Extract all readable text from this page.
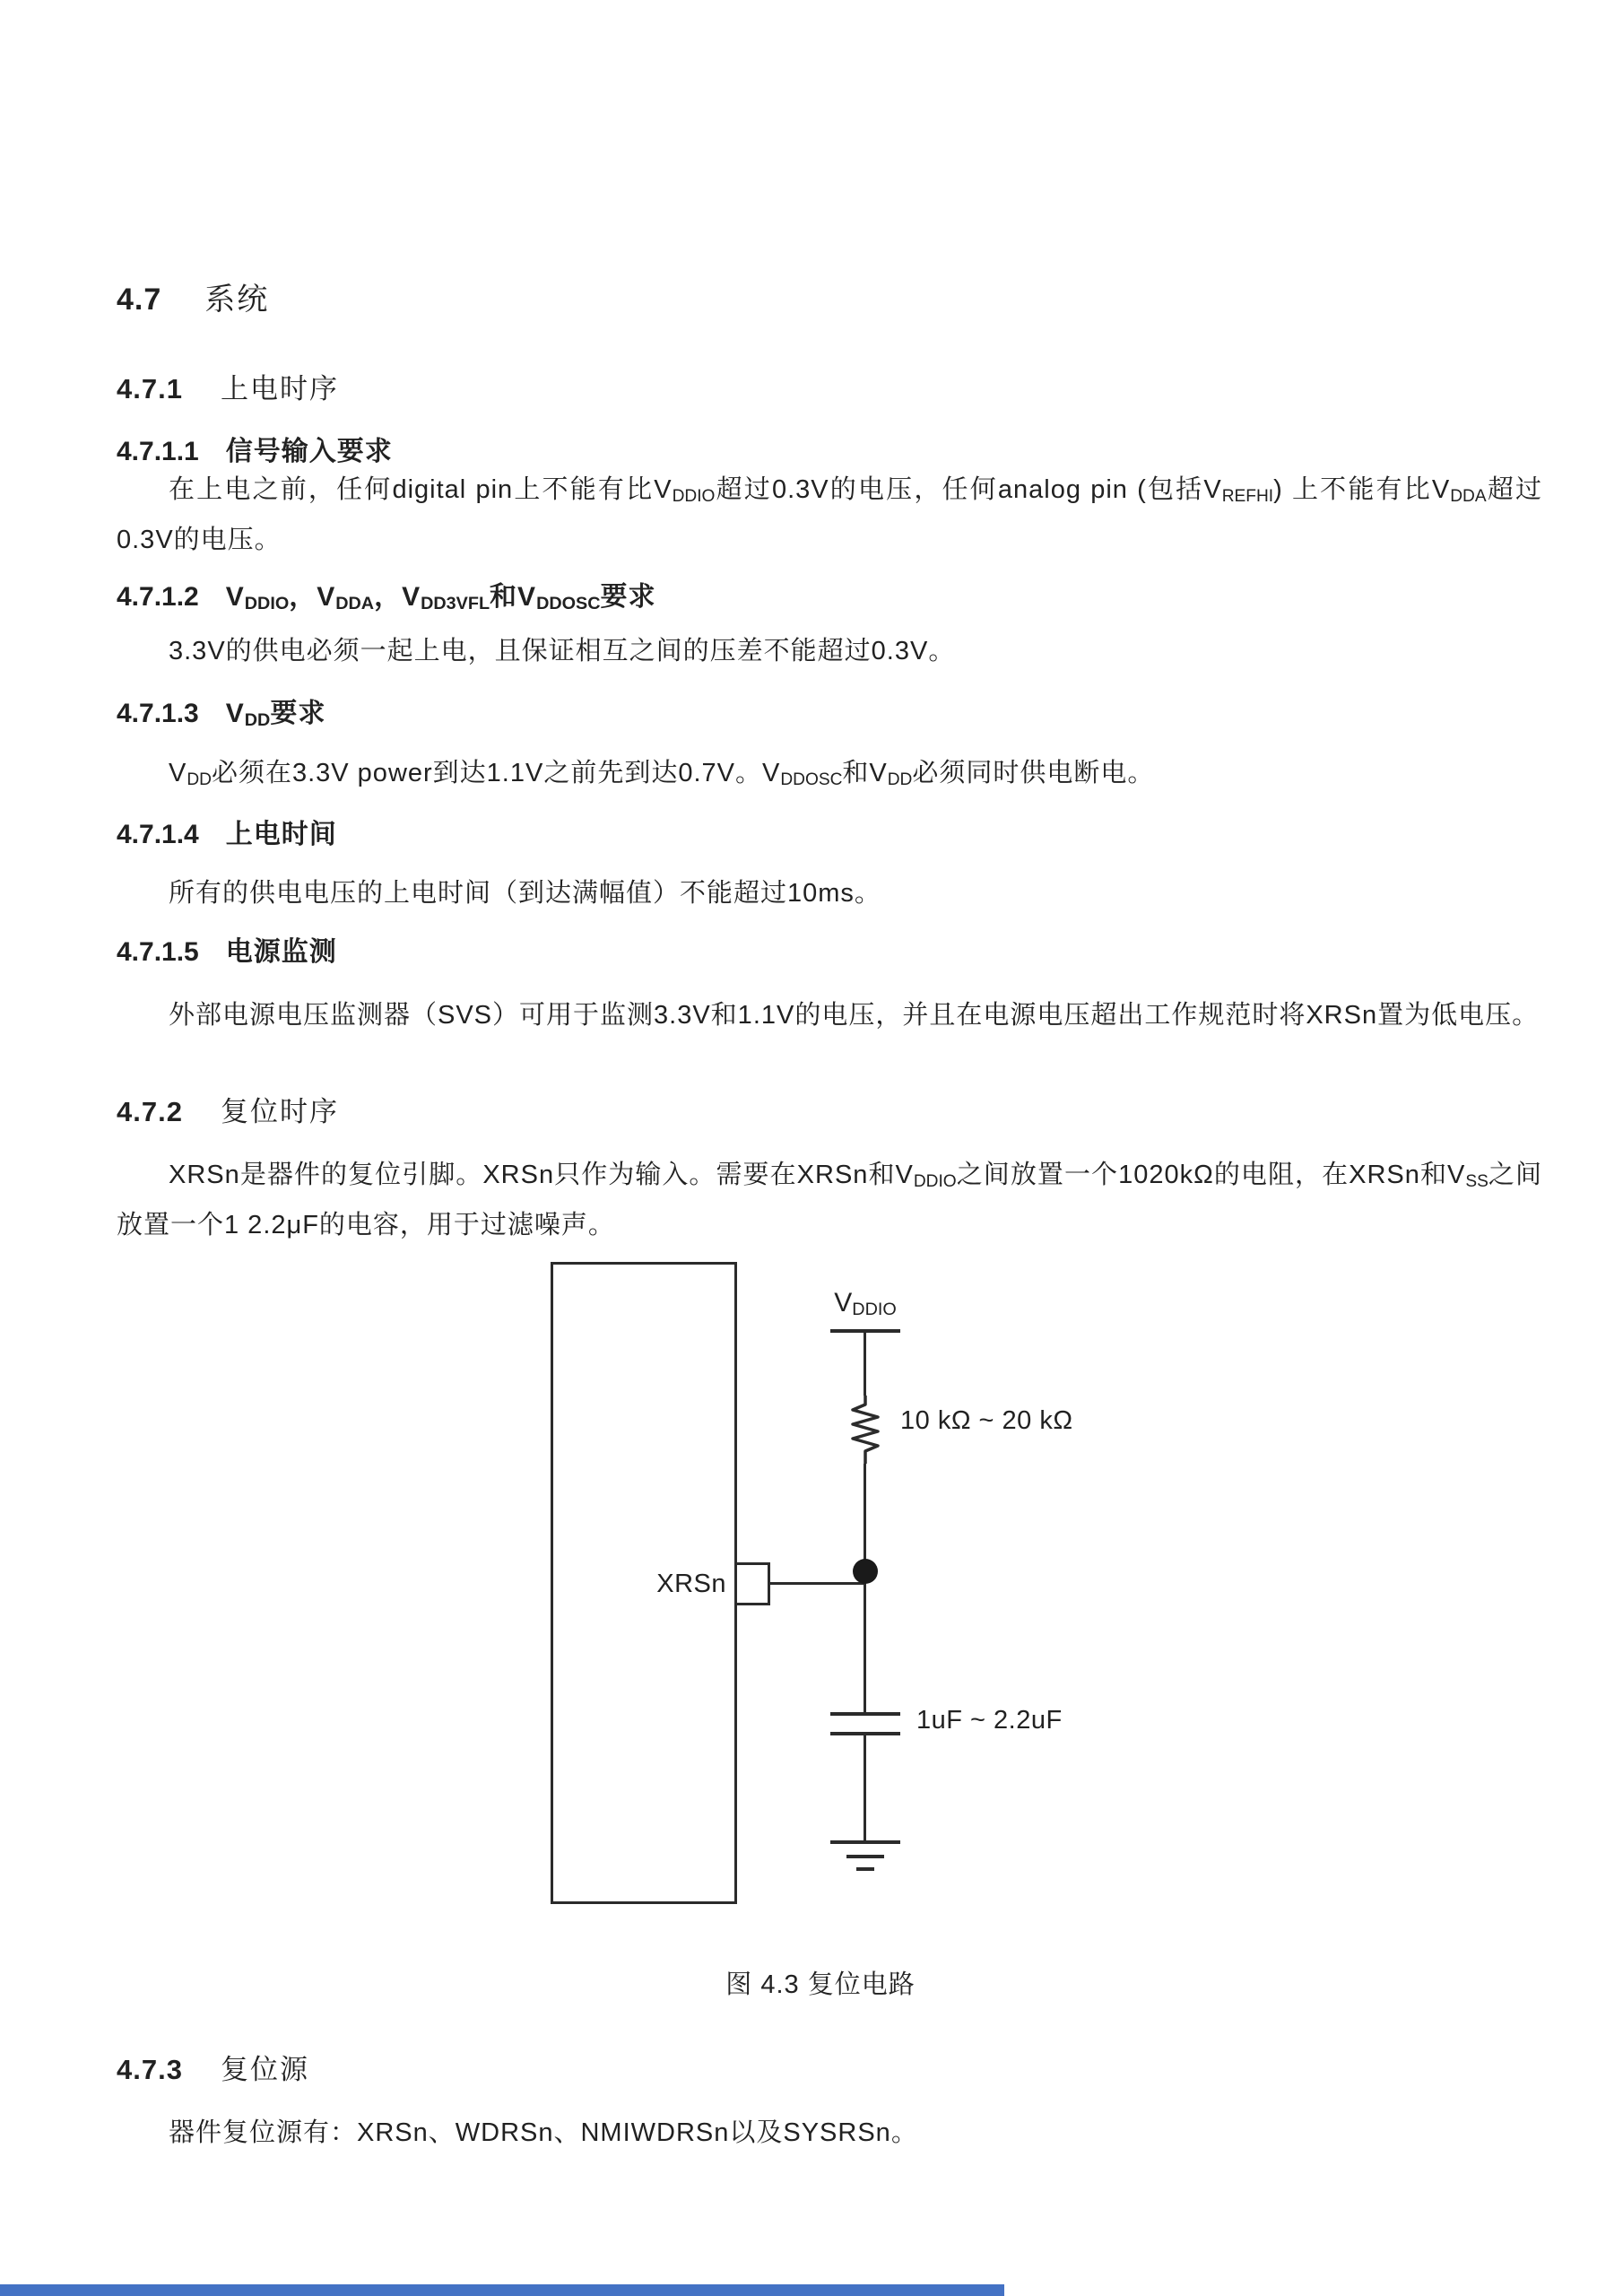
4.7 系统
4.7.1 上电时序
4.7.1.1 信号输入要求
在上电之前，任何digital pin上不能有比VDDIO超过0.3V的电压，任何analog pin (包括VREFHI) 上不能有比VDDA超过0.3V的电压。
4.7.1.2 VDDIO，VDDA，VDD3VFL和VDDOSC要求
3.3V的供电必须一起上电，且保证相互之间的压差不能超过0.3V。
4.7.1.3 VDD要求
VDD必须在3.3V power到达1.1V之前先到达0.7V。VDDOSC和VDD必须同时供电断电。
4.7.1.4 上电时间
所有的供电电压的上电时间（到达满幅值）不能超过10ms。
4.7.1.5 电源监测
外部电源电压监测器（SVS）可用于监测3.3V和1.1V的电压，并且在电源电压超出工作规范时将XRSn置为低电压。
4.7.2 复位时序
XRSn是器件的复位引脚。XRSn只作为输入。需要在XRSn和VDDIO之间放置一个1020kΩ的电阻，在XRSn和VSS之间放置一个1 2.2μF的电容，用于过滤噪声。
VDDIO
10 kΩ ~ 20 kΩ
XRSn
1uF ~ 2.2uF
图 4.3 复位电路
4.7.3 复位源
器件复位源有：XRSn、WDRSn、NMIWDRSn以及SYSRSn。
